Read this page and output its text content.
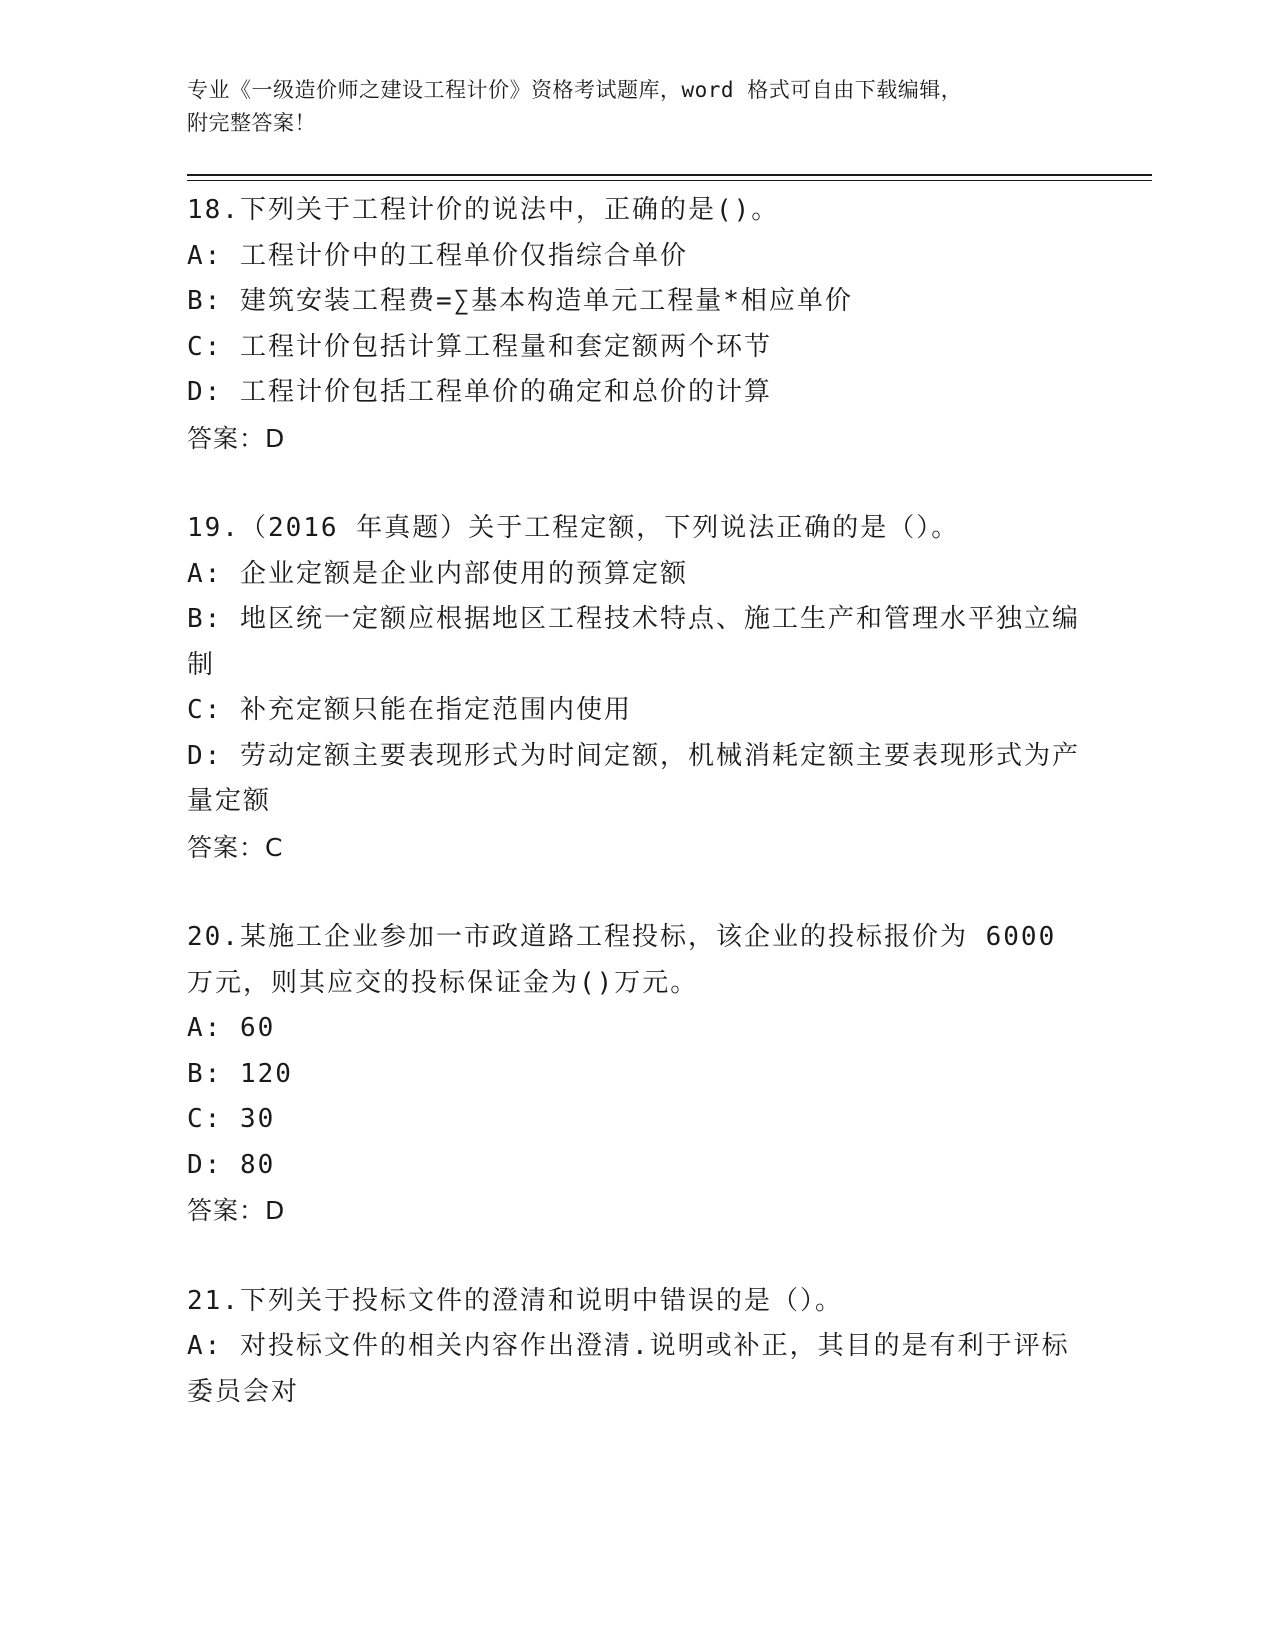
专业《一级造价师之建设工程计价》资格考试题库，word 格式可自由下载编辑，
附完整答案！
18.下列关于工程计价的说法中，正确的是()。
A: 工程计价中的工程单价仅指综合单价
B: 建筑安装工程费=∑基本构造单元工程量*相应单价
C: 工程计价包括计算工程量和套定额两个环节
D: 工程计价包括工程单价的确定和总价的计算
答案：D
19.（2016 年真题）关于工程定额，下列说法正确的是（）。
A: 企业定额是企业内部使用的预算定额
B: 地区统一定额应根据地区工程技术特点、施工生产和管理水平独立编制
C: 补充定额只能在指定范围内使用
D: 劳动定额主要表现形式为时间定额，机械消耗定额主要表现形式为产量定额
答案：C
20.某施工企业参加一市政道路工程投标，该企业的投标报价为 6000 万元，则其应交的投标保证金为()万元。
A: 60
B: 120
C: 30
D: 80
答案：D
21.下列关于投标文件的澄清和说明中错误的是（）。
A: 对投标文件的相关内容作出澄清.说明或补正，其目的是有利于评标委员会对
